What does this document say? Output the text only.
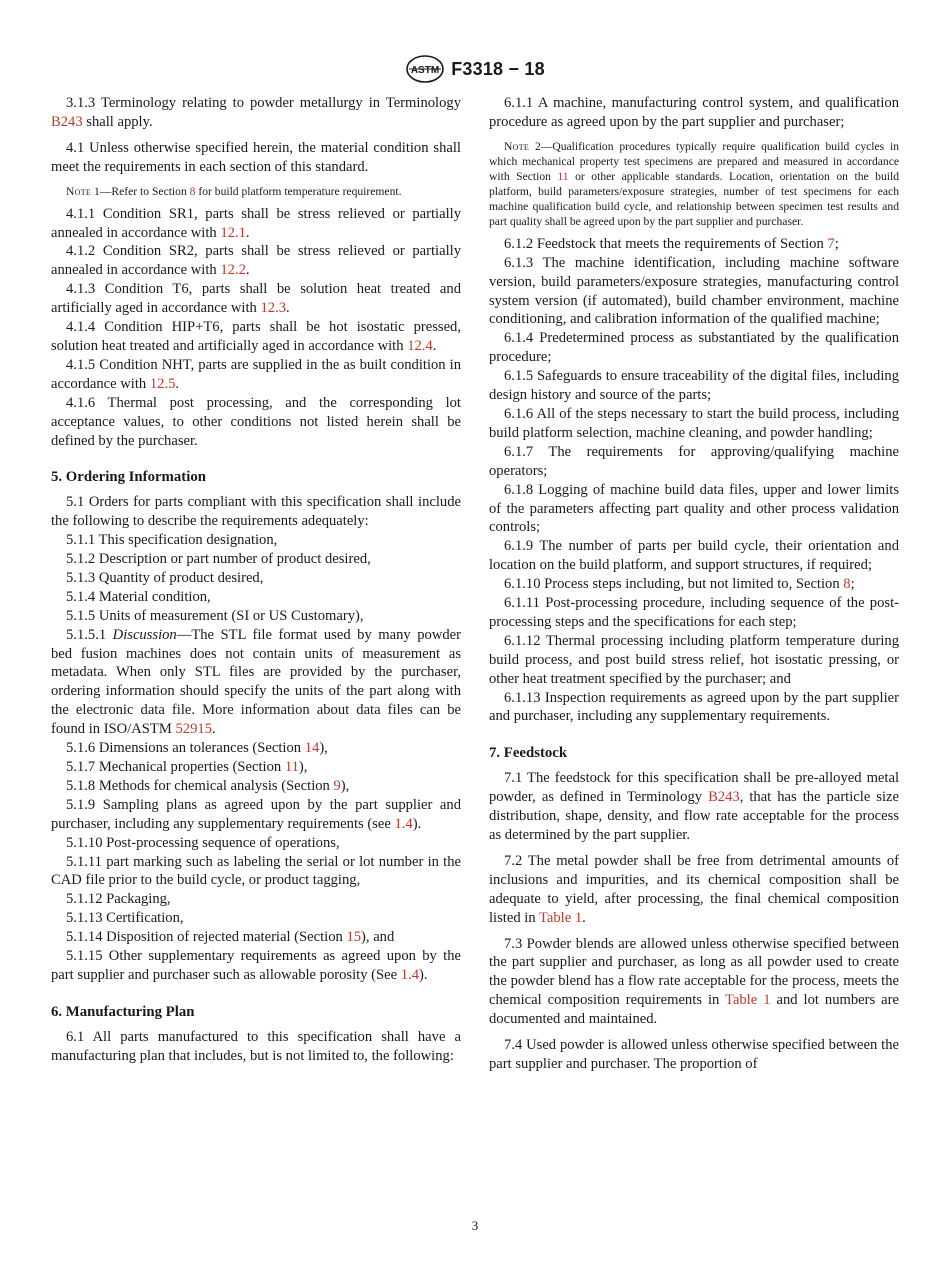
ASTM F3318 − 18

3.1.3 Terminology relating to powder metallurgy in Terminology B243 shall apply.

4.1 Unless otherwise specified herein, the material condition shall meet the requirements in each section of this standard.

Note 1—Refer to Section 8 for build platform temperature requirement.

4.1.1 Condition SR1, parts shall be stress relieved or partially annealed in accordance with 12.1.

4.1.2 Condition SR2, parts shall be stress relieved or partially annealed in accordance with 12.2.

4.1.3 Condition T6, parts shall be solution heat treated and artificially aged in accordance with 12.3.

4.1.4 Condition HIP+T6, parts shall be hot isostatic pressed, solution heat treated and artificially aged in accordance with 12.4.

4.1.5 Condition NHT, parts are supplied in the as built condition in accordance with 12.5.

4.1.6 Thermal post processing, and the corresponding lot acceptance values, to other conditions not listed herein shall be defined by the purchaser.

5. Ordering Information

5.1 Orders for parts compliant with this specification shall include the following to describe the requirements adequately:

5.1.1 This specification designation,

5.1.2 Description or part number of product desired,

5.1.3 Quantity of product desired,

5.1.4 Material condition,

5.1.5 Units of measurement (SI or US Customary),

5.1.5.1 Discussion—The STL file format used by many powder bed fusion machines does not contain units of measurement as metadata. When only STL files are provided by the purchaser, ordering information should specify the units of the part along with the electronic data file. More information about data files can be found in ISO/ASTM 52915.

5.1.6 Dimensions an tolerances (Section 14),

5.1.7 Mechanical properties (Section 11),

5.1.8 Methods for chemical analysis (Section 9),

5.1.9 Sampling plans as agreed upon by the part supplier and purchaser, including any supplementary requirements (see 1.4).

5.1.10 Post-processing sequence of operations,

5.1.11 part marking such as labeling the serial or lot number in the CAD file prior to the build cycle, or product tagging,

5.1.12 Packaging,

5.1.13 Certification,

5.1.14 Disposition of rejected material (Section 15), and

5.1.15 Other supplementary requirements as agreed upon by the part supplier and purchaser such as allowable porosity (See 1.4).

6. Manufacturing Plan

6.1 All parts manufactured to this specification shall have a manufacturing plan that includes, but is not limited to, the following:

6.1.1 A machine, manufacturing control system, and qualification procedure as agreed upon by the part supplier and purchaser;

Note 2—Qualification procedures typically require qualification build cycles in which mechanical property test specimens are prepared and measured in accordance with Section 11 or other applicable standards. Location, orientation on the build platform, build parameters/exposure strategies, number of test specimens for each machine qualification build cycle, and relationship between specimen test results and part quality shall be agreed upon by the part supplier and purchaser.

6.1.2 Feedstock that meets the requirements of Section 7;

6.1.3 The machine identification, including machine software version, build parameters/exposure strategies, manufacturing control system version (if automated), build chamber environment, machine conditioning, and calibration information of the qualified machine;

6.1.4 Predetermined process as substantiated by the qualification procedure;

6.1.5 Safeguards to ensure traceability of the digital files, including design history and source of the parts;

6.1.6 All of the steps necessary to start the build process, including build platform selection, machine cleaning, and powder handling;

6.1.7 The requirements for approving/qualifying machine operators;

6.1.8 Logging of machine build data files, upper and lower limits of the parameters affecting part quality and other process validation controls;

6.1.9 The number of parts per build cycle, their orientation and location on the build platform, and support structures, if required;

6.1.10 Process steps including, but not limited to, Section 8;

6.1.11 Post-processing procedure, including sequence of the post-processing steps and the specifications for each step;

6.1.12 Thermal processing including platform temperature during build process, and post build stress relief, hot isostatic pressing, or other heat treatment specified by the purchaser; and

6.1.13 Inspection requirements as agreed upon by the part supplier and purchaser, including any supplementary requirements.

7. Feedstock

7.1 The feedstock for this specification shall be pre-alloyed metal powder, as defined in Terminology B243, that has the particle size distribution, shape, density, and flow rate acceptable for the process as determined by the part supplier.

7.2 The metal powder shall be free from detrimental amounts of inclusions and impurities, and its chemical composition shall be adequate to yield, after processing, the final chemical composition listed in Table 1.

7.3 Powder blends are allowed unless otherwise specified between the part supplier and purchaser, as long as all powder used to create the powder blend has a flow rate acceptable for the process, meets the chemical composition requirements in Table 1 and lot numbers are documented and maintained.

7.4 Used powder is allowed unless otherwise specified between the part supplier and purchaser. The proportion of

3
